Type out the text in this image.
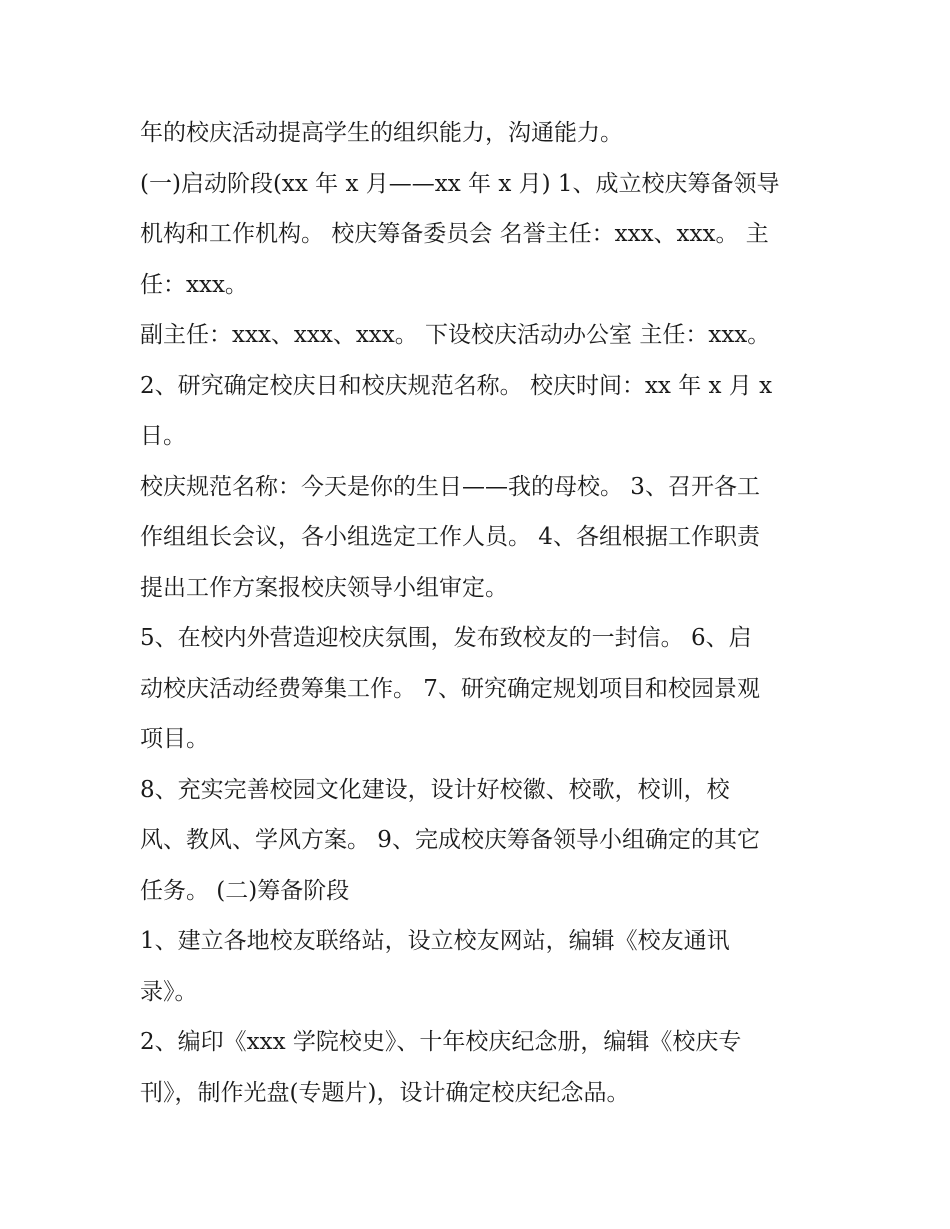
年的校庆活动提高学生的组织能力，沟通能力。

(一)启动阶段(xx 年 x 月——xx 年 x 月) 1、成立校庆筹备领导

机构和工作机构。 校庆筹备委员会 名誉主任：xxx、xxx。 主

任：xxx。

副主任：xxx、xxx、xxx。 下设校庆活动办公室 主任：xxx。

2、研究确定校庆日和校庆规范名称。 校庆时间：xx 年 x 月 x

日。

校庆规范名称：今天是你的生日——我的母校。 3、召开各工

作组组长会议，各小组选定工作人员。 4、各组根据工作职责

提出工作方案报校庆领导小组审定。

5、在校内外营造迎校庆氛围，发布致校友的一封信。 6、启

动校庆活动经费筹集工作。 7、研究确定规划项目和校园景观

项目。

8、充实完善校园文化建设，设计好校徽、校歌，校训，校

风、教风、学风方案。 9、完成校庆筹备领导小组确定的其它

任务。 (二)筹备阶段

1、建立各地校友联络站，设立校友网站，编辑《校友通讯

录》。

2、编印《xxx 学院校史》、十年校庆纪念册，编辑《校庆专

刊》，制作光盘(专题片)，设计确定校庆纪念品。
